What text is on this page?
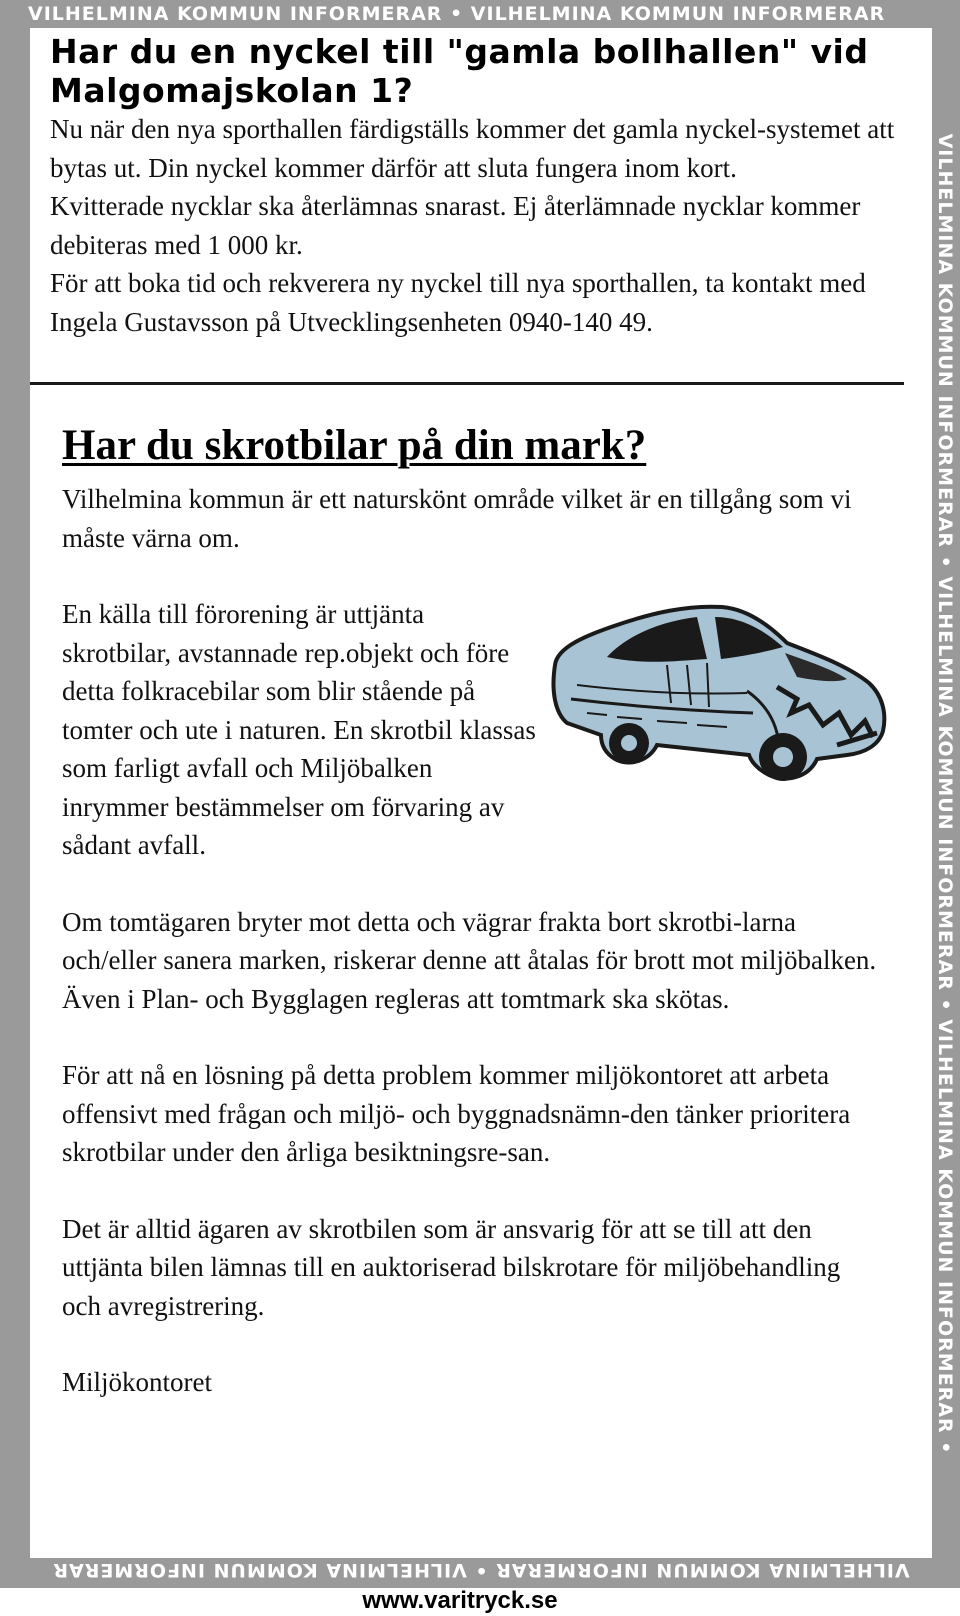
VILHELMINA KOMMUN INFORMERAR • VILHELMINA KOMMUN INFORMERAR
VILHELMINA KOMMUN INFORMERAR • VILHELMINA KOMMUN INFORMERAR • VILHELMINA KOMMUN INFORMERAR •
VILHELMINA KOMMUN INFORMERAR • VILHELMINA KOMMUN INFORMERAR
Har du en nyckel till "gamla bollhallen" vid Malgomajskolan 1?

Nu när den nya sporthallen färdigställs kommer det gamla nyckel-systemet att bytas ut. Din nyckel kommer därför att sluta fungera inom kort.

Kvitterade nycklar ska återlämnas snarast. Ej återlämnade nycklar kommer debiteras med 1 000 kr.

För att boka tid och rekverera ny nyckel till nya sporthallen, ta kontakt med Ingela Gustavsson på Utvecklingsenheten 0940-140 49.

Har du skrotbilar på din mark?

Vilhelmina kommun är ett naturskönt område vilket är en tillgång som vi måste värna om.

En källa till förorening är uttjänta skrotbilar, avstannade rep.objekt och före detta folkracebilar som blir stående på tomter och ute i naturen. En skrotbil klassas som farligt avfall och Miljöbalken inrymmer bestämmelser om förvaring av sådant avfall.

Om tomtägaren bryter mot detta och vägrar frakta bort skrotbi-larna och/eller sanera marken, riskerar denne att åtalas för brott mot miljöbalken. Även i Plan- och Bygglagen regleras att tomtmark ska skötas.

För att nå en lösning på detta problem kommer miljökontoret att arbeta offensivt med frågan och miljö- och byggnadsnämn-den tänker prioritera skrotbilar under den årliga besiktningsre-san.

Det är alltid ägaren av skrotbilen som är ansvarig för att se till att den uttjänta bilen lämnas till en auktoriserad bilskrotare för miljöbehandling och avregistrering.

Miljökontoret

www.varitryck.se
